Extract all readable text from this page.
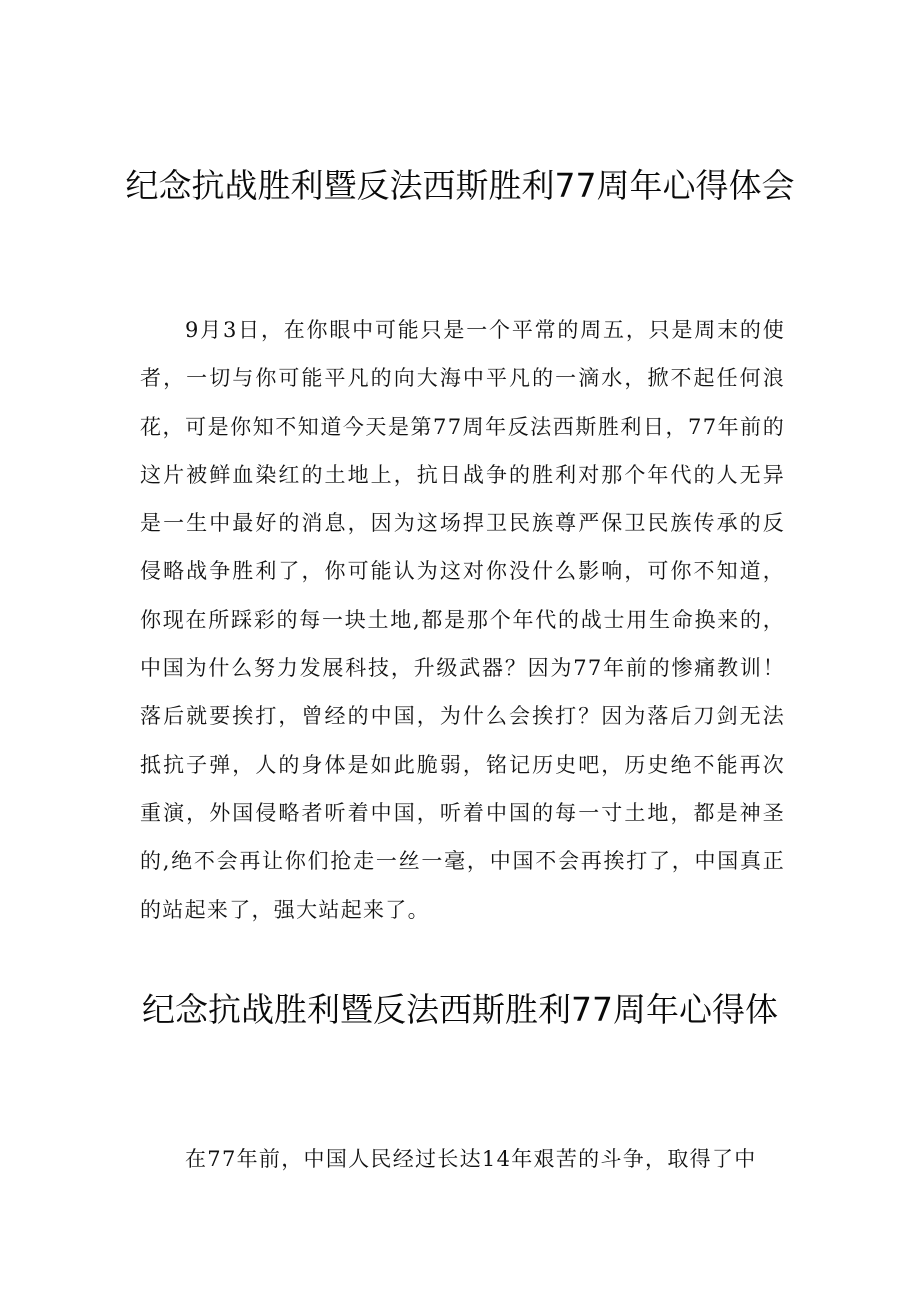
纪念抗战胜利暨反法西斯胜利77周年心得体会

9月3日，在你眼中可能只是一个平常的周五，只是周末的使者，一切与你可能平凡的向大海中平凡的一滴水，掀不起任何浪花，可是你知不知道今天是第77周年反法西斯胜利日，77年前的这片被鲜血染红的土地上，抗日战争的胜利对那个年代的人无异是一生中最好的消息，因为这场捍卫民族尊严保卫民族传承的反侵略战争胜利了，你可能认为这对你没什么影响，可你不知道，你现在所踩彩的每一块土地,都是那个年代的战士用生命换来的，中国为什么努力发展科技，升级武器？因为77年前的惨痛教训！落后就要挨打，曾经的中国，为什么会挨打？因为落后刀剑无法抵抗子弹，人的身体是如此脆弱，铭记历史吧，历史绝不能再次重演，外国侵略者听着中国，听着中国的每一寸土地，都是神圣的,绝不会再让你们抢走一丝一毫，中国不会再挨打了，中国真正的站起来了，强大站起来了。

纪念抗战胜利暨反法西斯胜利77周年心得体

在77年前，中国人民经过长达14年艰苦的斗争，取得了中
